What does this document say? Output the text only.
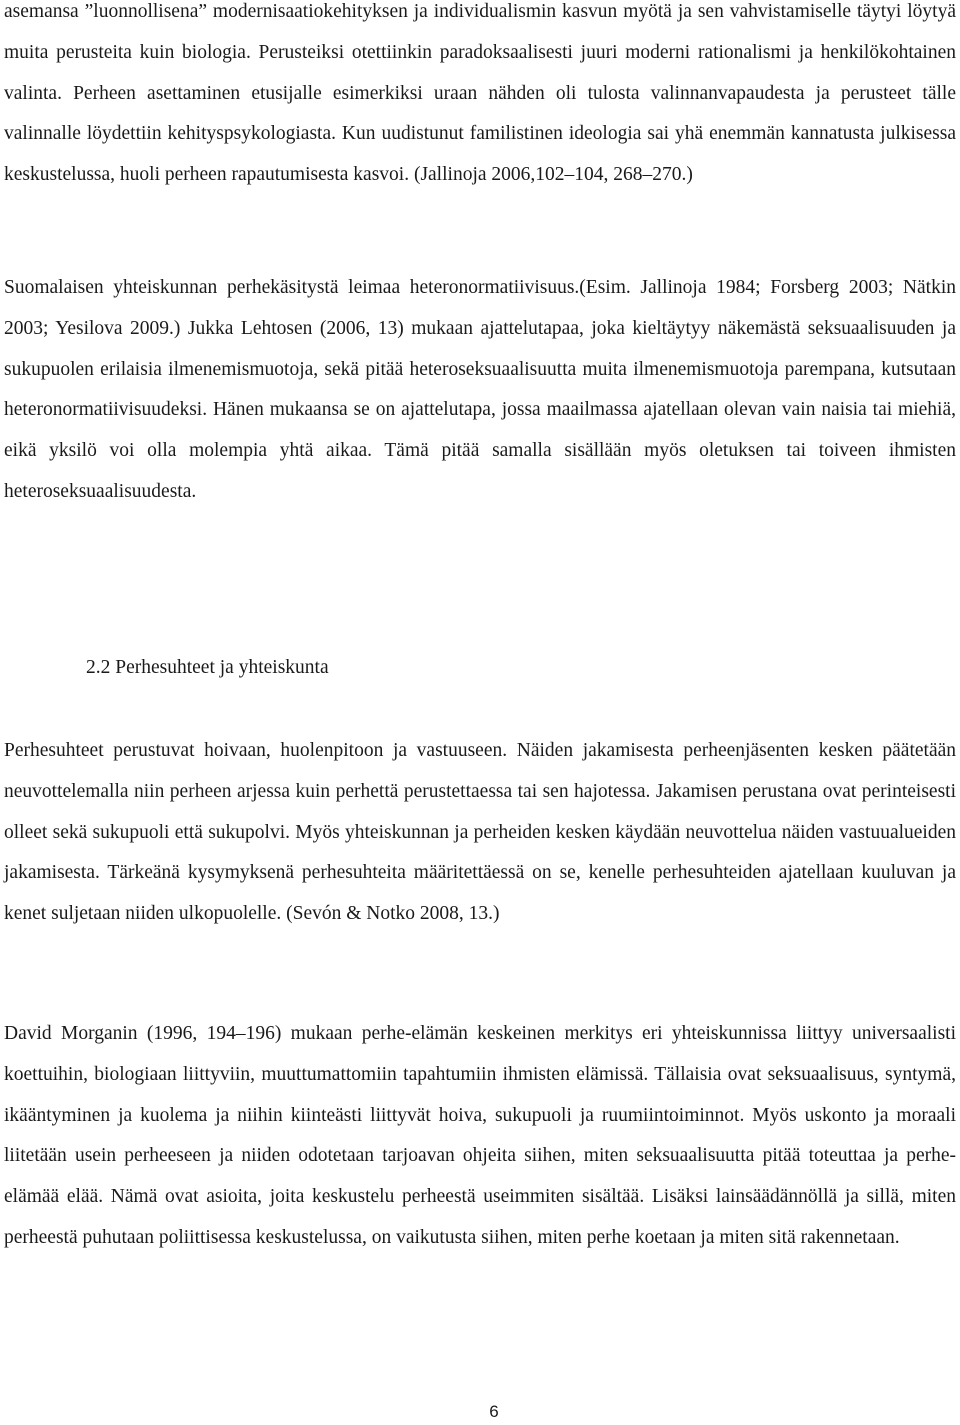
asemansa ”luonnollisena” modernisaatiokehityksen ja individualismin kasvun myötä ja sen vahvistamiselle täytyi löytyä muita perusteita kuin biologia. Perusteiksi otettiinkin paradoksaalisesti juuri moderni rationalismi ja henkilökohtainen valinta. Perheen asettaminen etusijalle esimerkiksi uraan nähden oli tulosta valinnanvapaudesta ja perusteet tälle valinnalle löydettiin kehityspsykologiasta. Kun uudistunut familistinen ideologia sai yhä enemmän kannatusta julkisessa keskustelussa, huoli perheen rapautumisesta kasvoi. (Jallinoja 2006,102–104, 268–270.)

Suomalaisen yhteiskunnan perhekäsitystä leimaa heteronormatiivisuus.(Esim. Jallinoja 1984; Forsberg 2003; Nätkin 2003; Yesilova 2009.) Jukka Lehtosen (2006, 13) mukaan ajattelutapaa, joka kieltäytyy näkemästä seksuaalisuuden ja sukupuolen erilaisia ilmenemismuotoja, sekä pitää heteroseksuaalisuutta muita ilmenemismuotoja parempana, kutsutaan heteronormatiivisuudeksi. Hänen mukaansa se on ajattelutapa, jossa maailmassa ajatellaan olevan vain naisia tai miehiä, eikä yksilö voi olla molempia yhtä aikaa. Tämä pitää samalla sisällään myös oletuksen tai toiveen ihmisten heteroseksuaalisuudesta.

2.2 Perhesuhteet ja yhteiskunta

Perhesuhteet perustuvat hoivaan, huolenpitoon ja vastuuseen. Näiden jakamisesta perheenjäsenten kesken päätetään neuvottelemalla niin perheen arjessa kuin perhettä perustettaessa tai sen hajotessa. Jakamisen perustana ovat perinteisesti olleet sekä sukupuoli että sukupolvi. Myös yhteiskunnan ja perheiden kesken käydään neuvottelua näiden vastuualueiden jakamisesta. Tärkeänä kysymyksenä perhesuhteita määritettäessä on se, kenelle perhesuhteiden ajatellaan kuuluvan ja kenet suljetaan niiden ulkopuolelle. (Sevón & Notko 2008, 13.)

David Morganin (1996, 194–196) mukaan perhe-elämän keskeinen merkitys eri yhteiskunnissa liittyy universaalisti koettuihin, biologiaan liittyviin, muuttumattomiin tapahtumiin ihmisten elämissä. Tällaisia ovat seksuaalisuus, syntymä, ikääntyminen ja kuolema ja niihin kiinteästi liittyvät hoiva, sukupuoli ja ruumiintoiminnot. Myös uskonto ja moraali liitetään usein perheeseen ja niiden odotetaan tarjoavan ohjeita siihen, miten seksuaalisuutta pitää toteuttaa ja perhe-elämää elää. Nämä ovat asioita, joita keskustelu perheestä useimmiten sisältää. Lisäksi lainsäädännöllä ja sillä, miten perheestä puhutaan poliittisessa keskustelussa, on vaikutusta siihen, miten perhe koetaan ja miten sitä rakennetaan.

6
